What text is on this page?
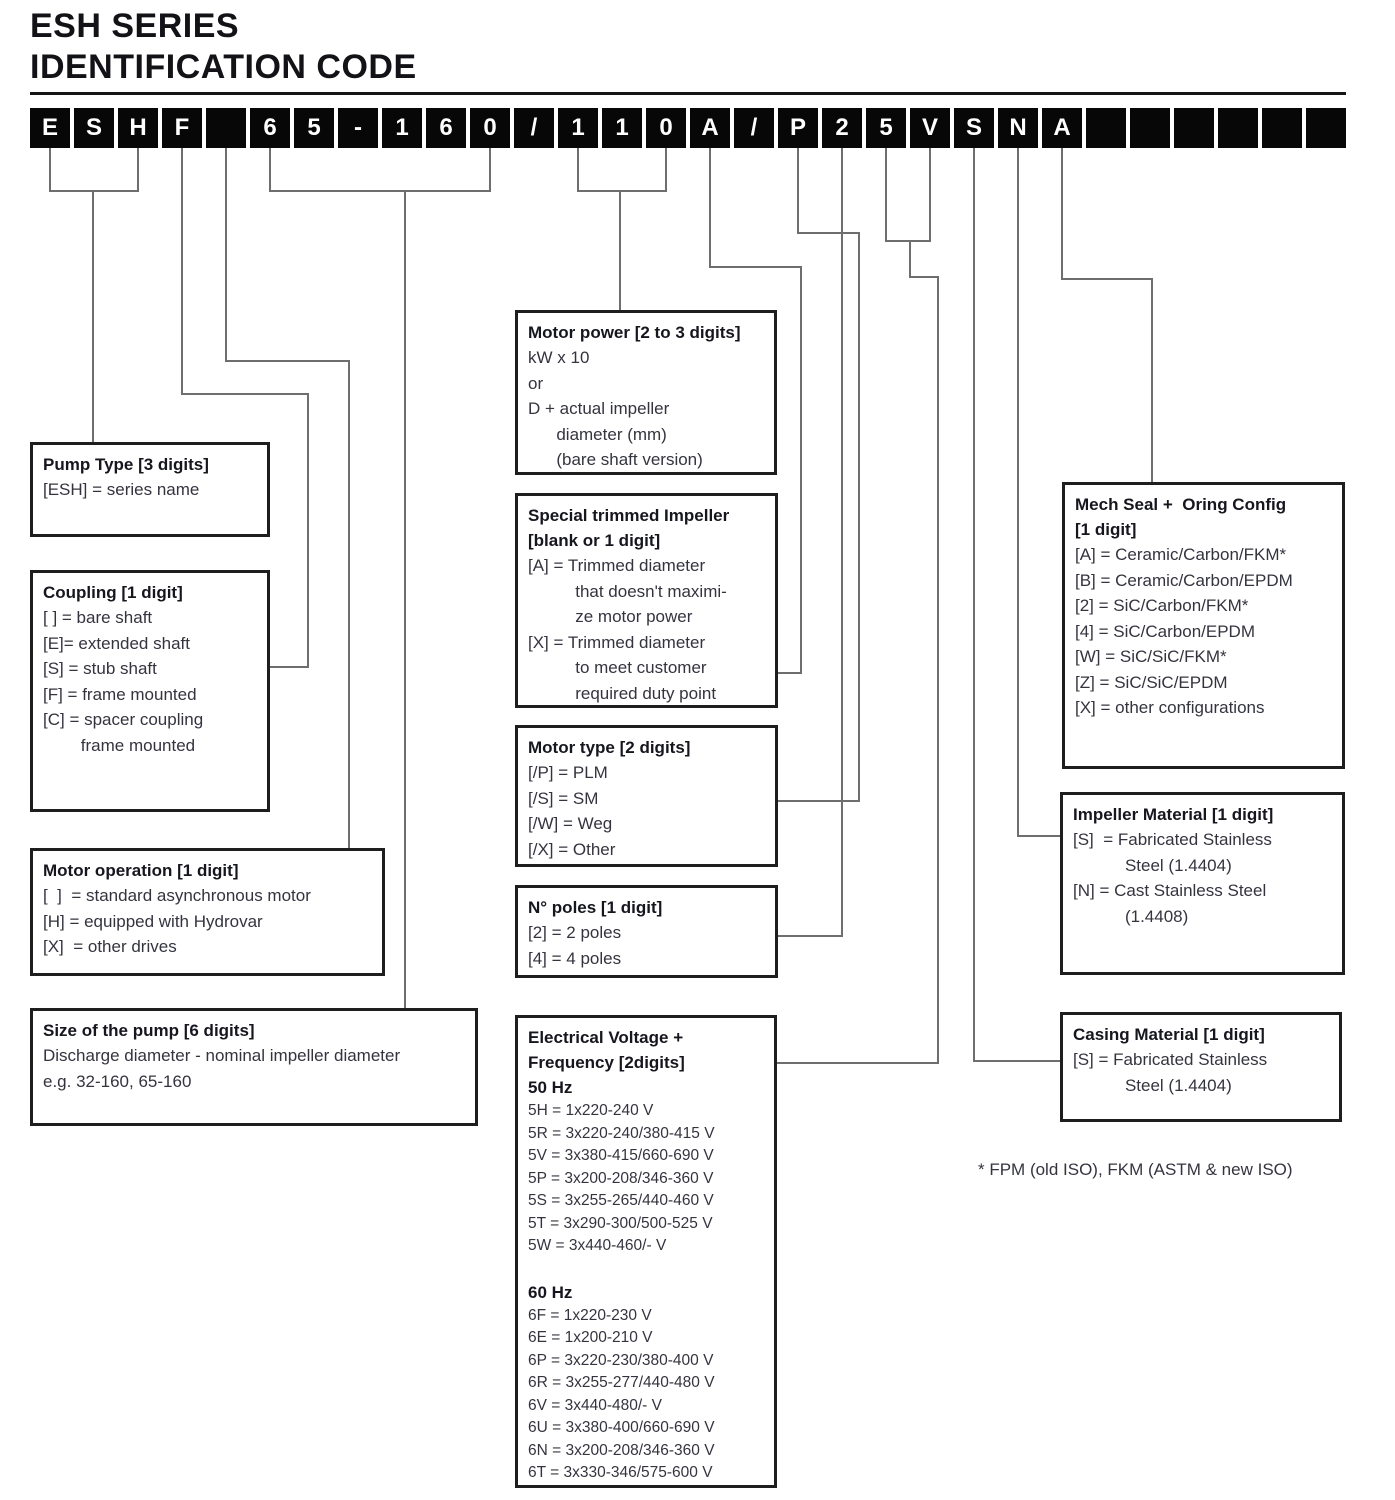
ESH SERIES
IDENTIFICATION CODE
E	S	H	F	6	5	-	1	6	0	/	1	1	0	A	/	P	2	5	V	S	N	A
Pump Type [3 digits]
[ESH] = series name
Coupling [1 digit]
[ ] = bare shaft
[E]= extended shaft
[S] = stub shaft
[F] = frame mounted
[C] = spacer coupling
frame mounted
Motor operation [1 digit]
[  ]  = standard asynchronous motor
[H] = equipped with Hydrovar
[X]  = other drives
Size of the pump [6 digits]
Discharge diameter - nominal impeller diameter
e.g. 32-160, 65-160
Motor power [2 to 3 digits]
kW x 10
or
D + actual impeller
diameter (mm)
(bare shaft version)
Special trimmed Impeller
[blank or 1 digit]
[A] = Trimmed diameter
that doesn't maximi-
ze motor power
[X] = Trimmed diameter
to meet customer
required duty point
Motor type [2 digits]
[/P] = PLM
[/S] = SM
[/W] = Weg
[/X] = Other
N° poles [1 digit]
[2] = 2 poles
[4] = 4 poles
Electrical Voltage +
Frequency [2digits]
50 Hz
5H = 1x220-240 V
5R = 3x220-240/380-415 V
5V = 3x380-415/660-690 V
5P = 3x200-208/346-360 V
5S = 3x255-265/440-460 V
5T = 3x290-300/500-525 V
5W = 3x440-460/- V
60 Hz
6F = 1x220-230 V
6E = 1x200-210 V
6P = 3x220-230/380-400 V
6R = 3x255-277/440-480 V
6V = 3x440-480/- V
6U = 3x380-400/660-690 V
6N = 3x200-208/346-360 V
6T = 3x330-346/575-600 V
Mech Seal +  Oring Config
[1 digit]
[A] = Ceramic/Carbon/FKM*
[B] = Ceramic/Carbon/EPDM
[2] = SiC/Carbon/FKM*
[4] = SiC/Carbon/EPDM
[W] = SiC/SiC/FKM*
[Z] = SiC/SiC/EPDM
[X] = other configurations
Impeller Material [1 digit]
[S]  = Fabricated Stainless
Steel (1.4404)
[N] = Cast Stainless Steel
(1.4408)
Casing Material [1 digit]
[S] = Fabricated Stainless
Steel (1.4404)
* FPM (old ISO), FKM (ASTM & new ISO)
